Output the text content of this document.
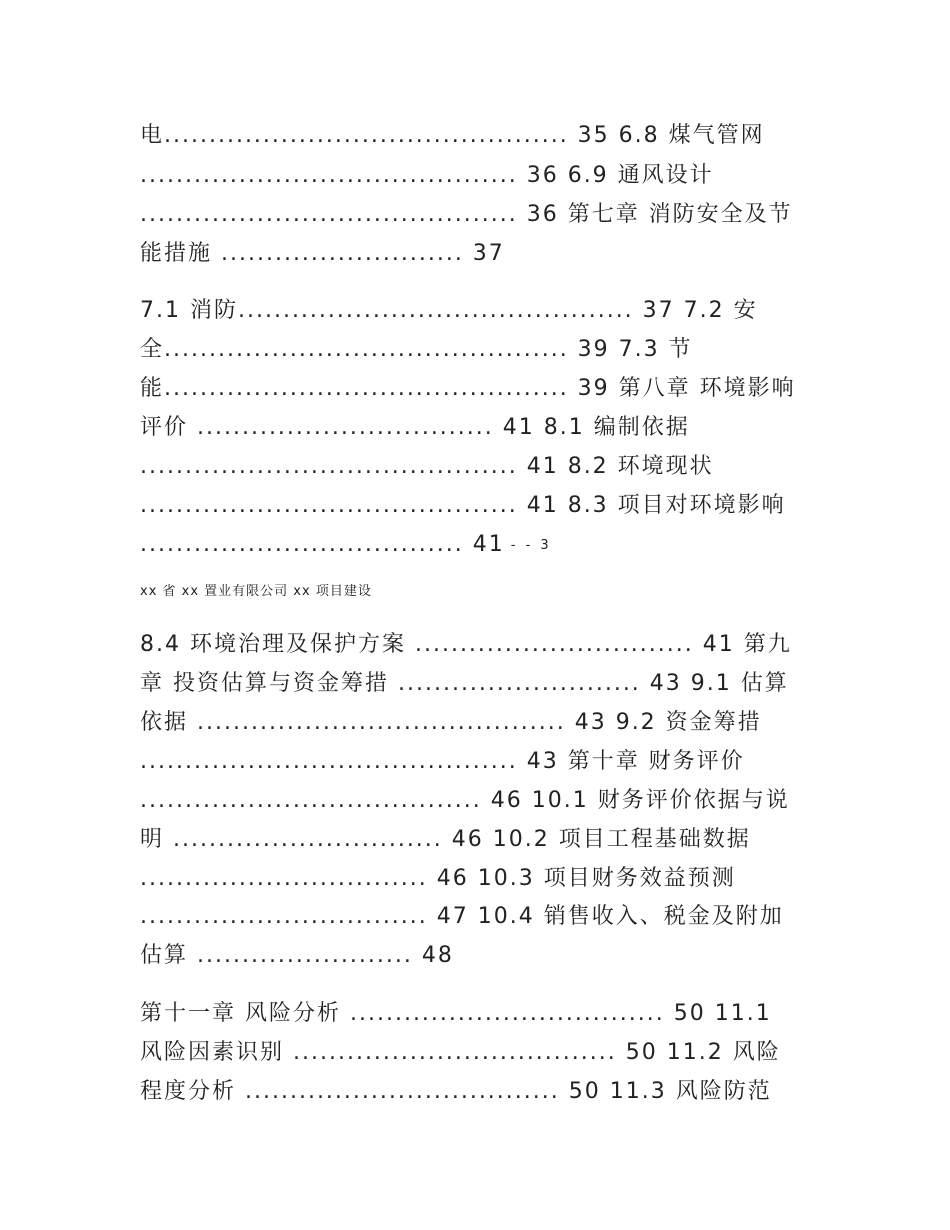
电............................................. 35 6.8 煤气管网
.......................................... 36 6.9 通风设计
.......................................... 36 第七章 消防安全及节
能措施 ........................... 37
7.1 消防............................................ 37 7.2 安
全............................................. 39 7.3 节
能............................................. 39 第八章 环境影响
评价 ................................. 41 8.1 编制依据
.......................................... 41 8.2 环境现状
.......................................... 41 8.3 项目对环境影响
.................................... 41 - - 3
xx 省 xx 置业有限公司 xx 项目建设
8.4 环境治理及保护方案 ............................... 41 第九
章 投资估算与资金筹措 ........................... 43 9.1 估算
依据 ......................................... 43 9.2 资金筹措
.......................................... 43 第十章 财务评价
...................................... 46 10.1 财务评价依据与说
明 .............................. 46 10.2 项目工程基础数据
................................ 46 10.3 项目财务效益预测
................................ 47 10.4 销售收入、税金及附加
估算 ........................ 48
第十一章 风险分析 ................................... 50 11.1
风险因素识别 .................................... 50 11.2 风险
程度分析 ................................... 50 11.3 风险防范
